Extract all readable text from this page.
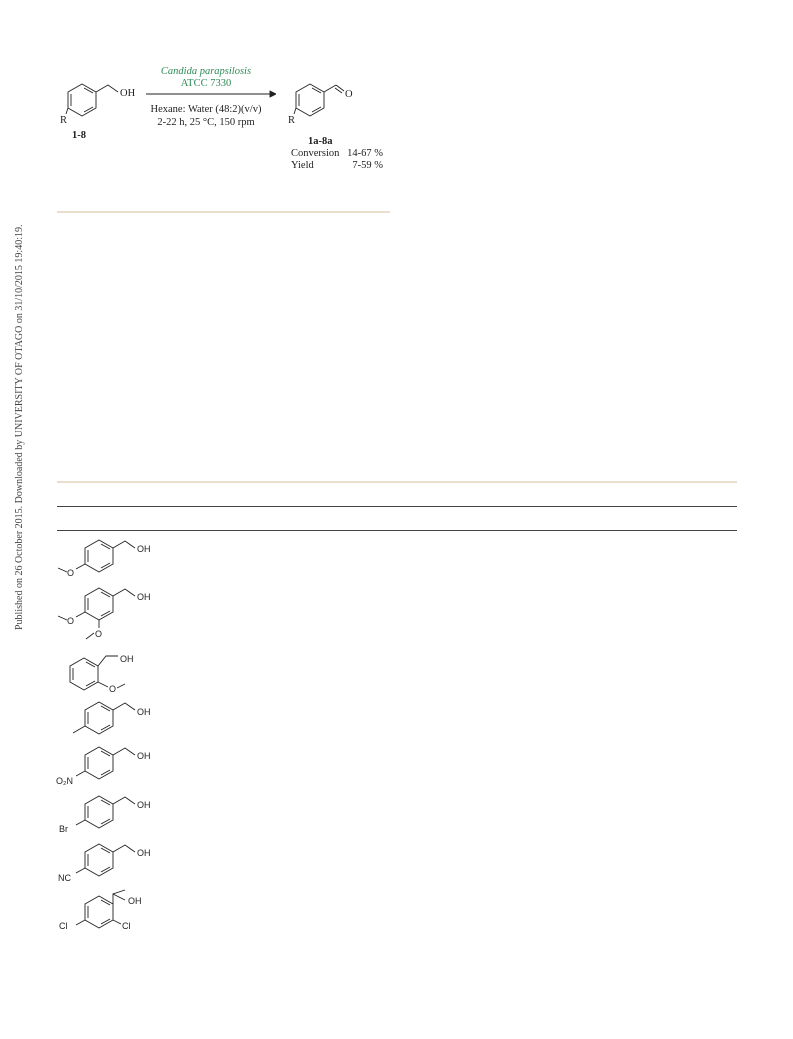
Published on 26 October 2015. Downloaded by UNIVERSITY OF OTAGO on 31/10/2015 19:40:19.
OH
R
1-8
Candida parapsilosis
ATCC 7330
Hexane: Water (48:2)(v/v)
2-22 h, 25 °C, 150 rpm
O
R
1a-8a
Conversion 14-67 %
Yield	7-59 %
OH
O
OH
O
O
OH
O
OH
OH
O₂N
OH
Br
OH
NC
OH
Cl	Cl
